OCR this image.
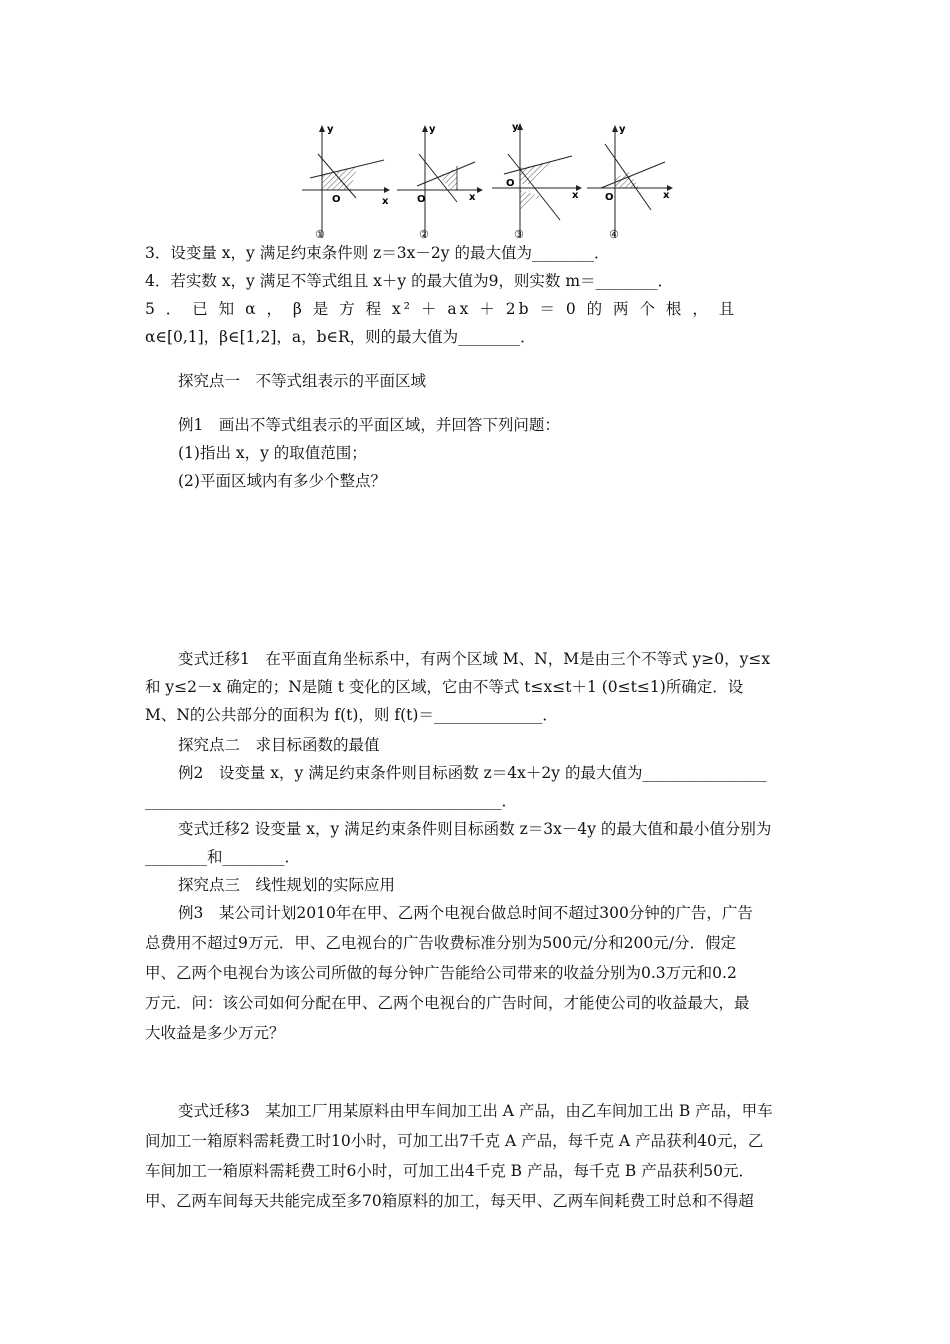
y
x
O
①
y
x
O
②
y
x
O
③
y
x
O
④
3．设变量 x，y 满足约束条件则 z＝3x－2y 的最大值为________．
4．若实数 x，y 满足不等式组且 x＋y 的最大值为9，则实数 m＝________．
5 ． 已 知 α ， β 是 方 程 x² ＋ ax ＋ 2b ＝ 0 的 两 个 根 ， 且
α∈[0,1]，β∈[1,2]，a，b∈R，则的最大值为________．
探究点一　不等式组表示的平面区域
例1　画出不等式组表示的平面区域，并回答下列问题：
(1)指出 x，y 的取值范围；
(2)平面区域内有多少个整点？
变式迁移1　在平面直角坐标系中，有两个区域 M、N，M是由三个不等式 y≥0，y≤x
和 y≤2－x 确定的；N是随 t 变化的区域，它由不等式 t≤x≤t＋1 (0≤t≤1)所确定．设
M、N的公共部分的面积为 f(t)，则 f(t)＝______________．
探究点二　求目标函数的最值
例2　设变量 x，y 满足约束条件则目标函数 z＝4x＋2y 的最大值为________________
______________________________________________．
变式迁移2 设变量 x，y 满足约束条件则目标函数 z＝3x－4y 的最大值和最小值分别为
________和________．
探究点三　线性规划的实际应用
例3　某公司计划2010年在甲、乙两个电视台做总时间不超过300分钟的广告，广告
总费用不超过9万元．甲、乙电视台的广告收费标准分别为500元/分和200元/分．假定
甲、乙两个电视台为该公司所做的每分钟广告能给公司带来的收益分别为0.3万元和0.2
万元．问：该公司如何分配在甲、乙两个电视台的广告时间，才能使公司的收益最大，最
大收益是多少万元？
变式迁移3　某加工厂用某原料由甲车间加工出 A 产品，由乙车间加工出 B 产品，甲车
间加工一箱原料需耗费工时10小时，可加工出7千克 A 产品，每千克 A 产品获利40元，乙
车间加工一箱原料需耗费工时6小时，可加工出4千克 B 产品，每千克 B 产品获利50元．
甲、乙两车间每天共能完成至多70箱原料的加工，每天甲、乙两车间耗费工时总和不得超
